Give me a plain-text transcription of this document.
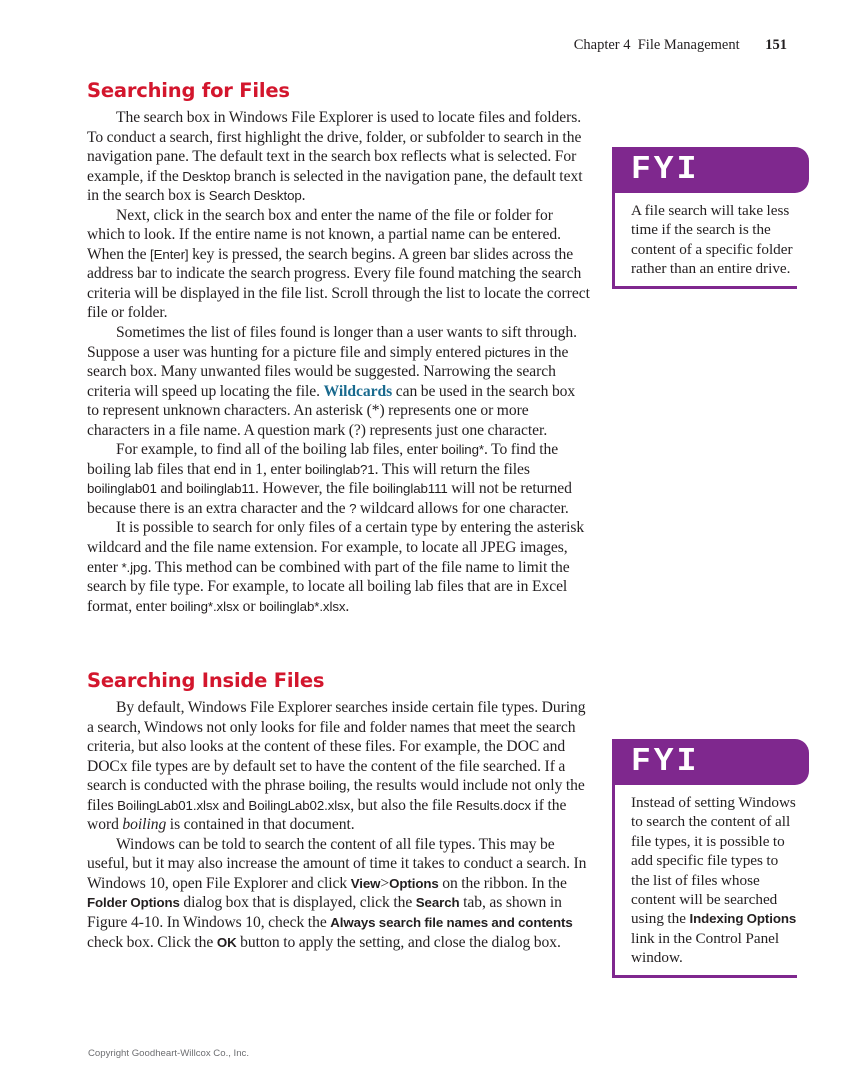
Chapter 4  File Management 151
Searching for Files

The search box in Windows File Explorer is used to locate files and folders. To conduct a search, first highlight the drive, folder, or subfolder to search in the navigation pane. The default text in the search box reflects what is selected. For example, if the Desktop branch is selected in the navigation pane, the default text in the search box is Search Desktop.

Next, click in the search box and enter the name of the file or folder for which to look. If the entire name is not known, a partial name can be entered. When the [Enter] key is pressed, the search begins. A green bar slides across the address bar to indicate the search progress. Every file found matching the search criteria will be displayed in the file list. Scroll through the list to locate the correct file or folder.

Sometimes the list of files found is longer than a user wants to sift through. Suppose a user was hunting for a picture file and simply entered pictures in the search box. Many unwanted files would be suggested. Narrowing the search criteria will speed up locating the file. Wildcards can be used in the search box to represent unknown characters. An asterisk (*) represents one or more characters in a file name. A question mark (?) represents just one character.

For example, to find all of the boiling lab files, enter boiling*. To find the boiling lab files that end in 1, enter boilinglab?1. This will return the files boilinglab01 and boilinglab11. However, the file boilinglab111 will not be returned because there is an extra character and the ? wildcard allows for one character.

It is possible to search for only files of a certain type by entering the asterisk wildcard and the file name extension. For example, to locate all JPEG images, enter *.jpg. This method can be combined with part of the file name to limit the search by file type. For example, to locate all boiling lab files that are in Excel format, enter boiling*.xlsx or boilinglab*.xlsx.

Searching Inside Files

By default, Windows File Explorer searches inside certain file types. During a search, Windows not only looks for file and folder names that meet the search criteria, but also looks at the content of these files. For example, the DOC and DOCx file types are by default set to have the content of the file searched. If a search is conducted with the phrase boiling, the results would include not only the files BoilingLab01.xlsx and BoilingLab02.xlsx, but also the file Results.docx if the word boiling is contained in that document.

Windows can be told to search the content of all file types. This may be useful, but it may also increase the amount of time it takes to conduct a search. In Windows 10, open File Explorer and click View>Options on the ribbon. In the Folder Options dialog box that is displayed, click the Search tab, as shown in Figure 4-10. In Windows 10, check the Always search file names and contents check box. Click the OK button to apply the setting, and close the dialog box.

FYI
A file search will take less time if the search is the content of a specific folder rather than an entire drive.
FYI
Instead of setting Windows to search the content of all file types, it is possible to add specific file types to the list of files whose content will be searched using the Indexing Options link in the Control Panel window.
Copyright Goodheart-Willcox Co., Inc.
